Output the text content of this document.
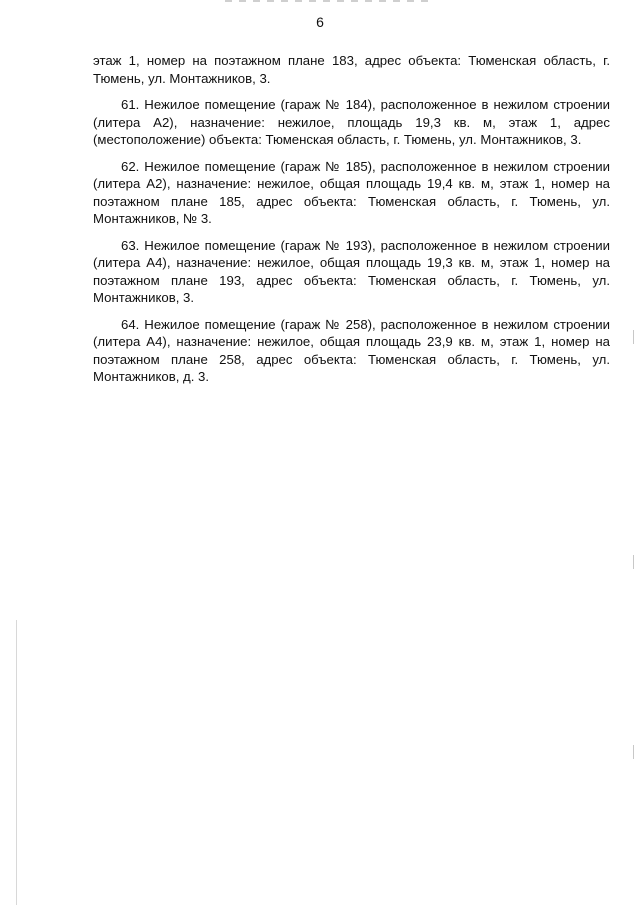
6

этаж 1, номер на поэтажном плане 183, адрес объекта: Тюменская область, г. Тюмень, ул. Монтажников, 3.

61. Нежилое помещение (гараж № 184), расположенное в нежилом строении (литера А2), назначение: нежилое, площадь 19,3 кв. м, этаж 1, адрес (местоположение) объекта: Тюменская область, г. Тюмень, ул. Монтажников, 3.

62. Нежилое помещение (гараж № 185), расположенное в нежилом строении (литера А2), назначение: нежилое, общая площадь 19,4 кв. м, этаж 1, номер на поэтажном плане 185, адрес объекта: Тюменская область, г. Тюмень, ул. Монтажников, № 3.

63. Нежилое помещение (гараж № 193), расположенное в нежилом строении (литера А4), назначение: нежилое, общая площадь 19,3 кв. м, этаж 1, номер на поэтажном плане 193, адрес объекта: Тюменская область, г. Тюмень, ул. Монтажников, 3.

64. Нежилое помещение (гараж № 258), расположенное в нежилом строении (литера А4), назначение: нежилое, общая площадь 23,9 кв. м, этаж 1, номер на поэтажном плане 258, адрес объекта: Тюменская область, г. Тюмень, ул. Монтажников, д. 3.
